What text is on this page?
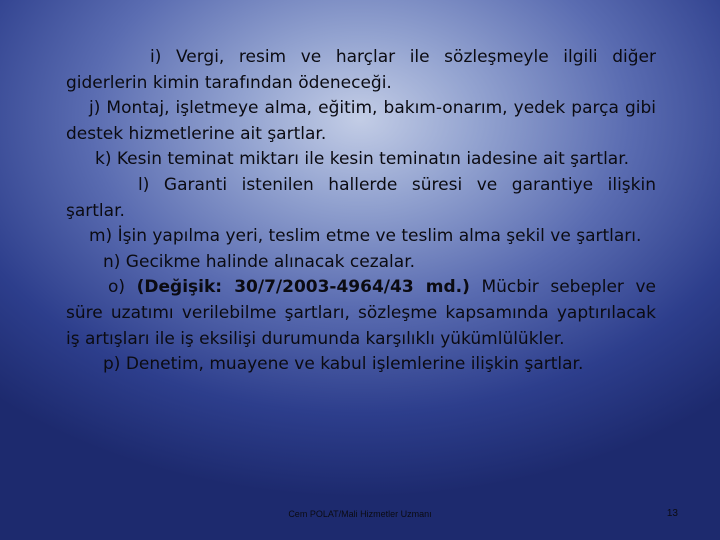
i) Vergi, resim ve harçlar ile sözleşmeyle ilgili diğer giderlerin kimin tarafından ödeneceği.

j) Montaj, işletmeye alma, eğitim, bakım-onarım, yedek parça gibi destek hizmetlerine ait şartlar.

k) Kesin teminat miktarı ile kesin teminatın iadesine ait şartlar.

l) Garanti istenilen hallerde süresi ve garantiye ilişkin şartlar.

m) İşin yapılma yeri, teslim etme ve teslim alma şekil ve şartları.

n) Gecikme halinde alınacak cezalar.

o) (Değişik: 30/7/2003-4964/43 md.) Mücbir sebepler ve süre uzatımı verilebilme şartları, sözleşme kapsamında yaptırılacak iş artışları ile iş eksilişi durumunda karşılıklı yükümlülükler.

p) Denetim, muayene ve kabul işlemlerine ilişkin şartlar.

Cem POLAT/Mali Hizmetler Uzmanı	13
